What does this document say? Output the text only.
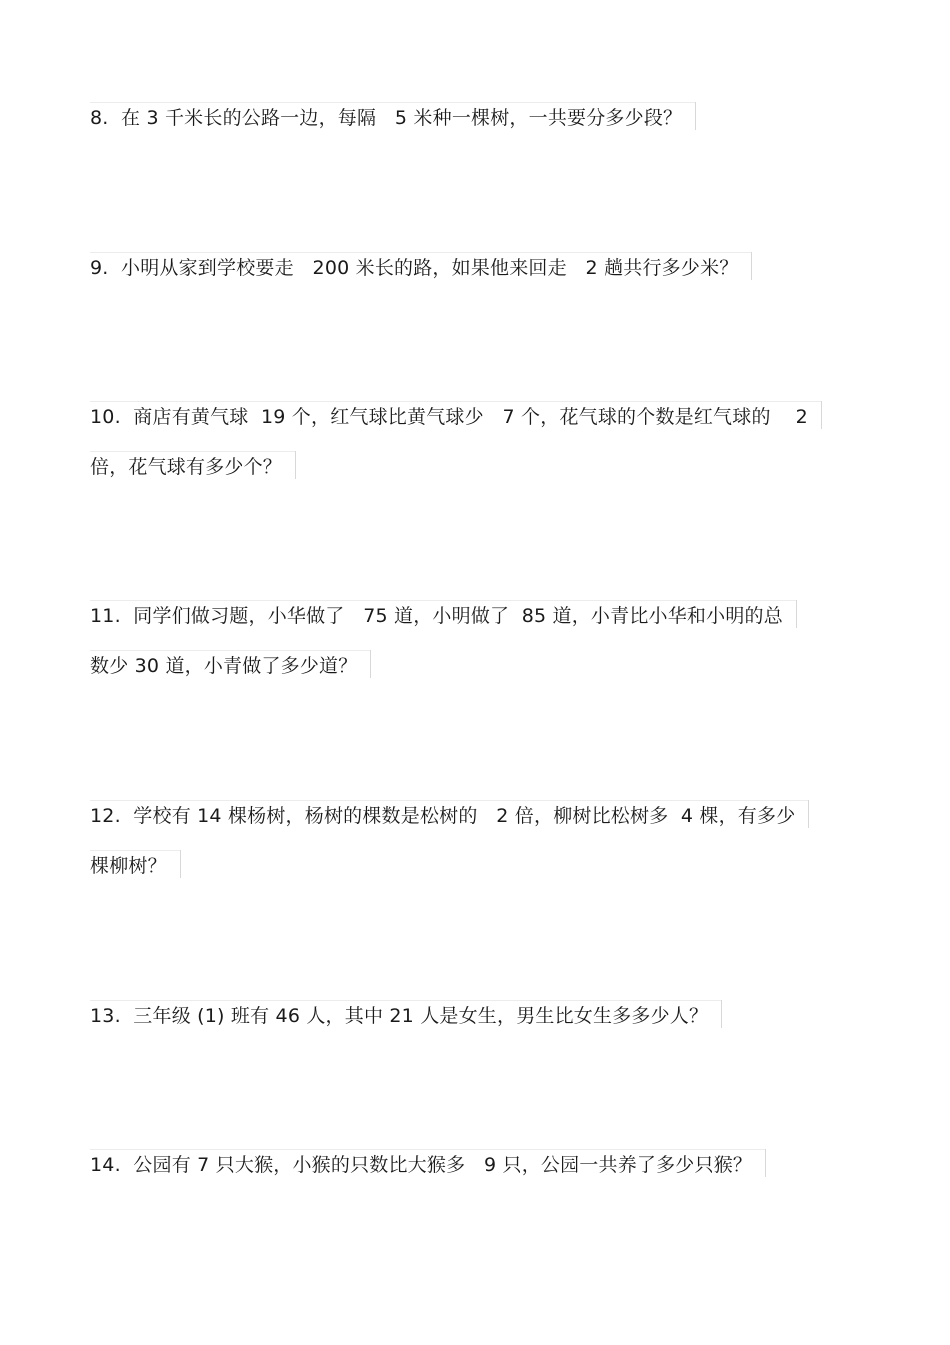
8.  在 3 千米长的公路一边，每隔   5 米种一棵树，一共要分多少段？
9.  小明从家到学校要走   200 米长的路，如果他来回走   2 趟共行多少米？
10.  商店有黄气球  19 个，红气球比黄气球少   7 个，花气球的个数是红气球的    2
倍，花气球有多少个？
11.  同学们做习题，小华做了   75 道，小明做了  85 道，小青比小华和小明的总
数少 30 道，小青做了多少道？
12.  学校有 14 棵杨树，杨树的棵数是松树的   2 倍，柳树比松树多  4 棵，有多少
棵柳树？
13.  三年级 (1) 班有 46 人，其中 21 人是女生，男生比女生多多少人？
14.  公园有 7 只大猴，小猴的只数比大猴多   9 只，公园一共养了多少只猴？
